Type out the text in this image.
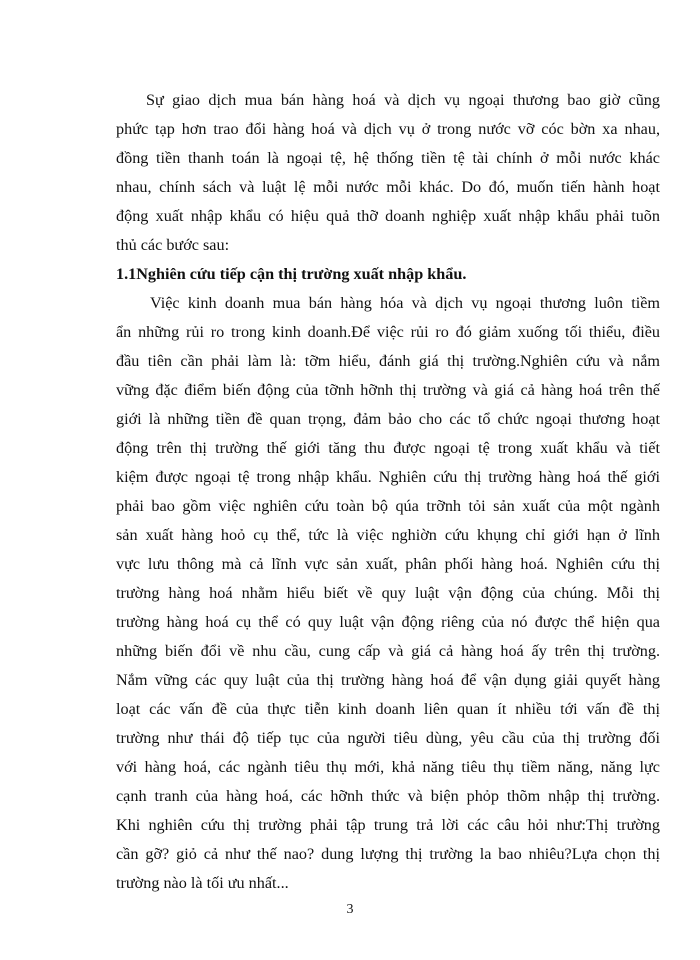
Sự giao dịch mua bán hàng hoá và dịch vụ ngoại thương bao giờ cũng
phức tạp hơn trao đổi hàng hoá và dịch vụ ở trong nước vỡ cóc bờn xa nhau,
đồng tiền thanh toán là ngoại tệ, hệ thống tiền tệ tài chính ở mỗi nước khác
nhau, chính sách và luật lệ mỗi nước mỗi khác. Do đó, muốn tiến hành hoạt
động xuất nhập khẩu có hiệu quả thỡ doanh nghiệp xuất nhập khẩu phải tuõn
thủ các bước sau:
1.1Nghiên cứu tiếp cận thị trường xuất nhập khẩu.
Việc kinh doanh mua bán hàng hóa và dịch vụ ngoại thương luôn tiềm
ẩn những rủi ro trong kinh doanh.Để việc rủi ro đó giảm xuống tối thiểu, điều
đầu tiên cần phải làm là: tỡm hiểu, đánh giá thị trường.Nghiên cứu và nắm
vững đặc điểm biến động của tỡnh hỡnh thị trường và giá cả hàng hoá trên thế
giới là những tiền đề quan trọng, đảm bảo cho các tổ chức ngoại thương hoạt
động trên thị trường thế giới tăng thu được ngoại tệ trong xuất khẩu và tiết
kiệm được ngoại tệ trong nhập khẩu. Nghiên cứu thị trường hàng hoá thế giới
phải bao gồm việc nghiên cứu toàn bộ qúa trỡnh tỏi sản xuất của một ngành
sản xuất hàng hoỏ cụ thể, tức là việc nghiờn cứu khụng chỉ giới hạn ở lĩnh
vực lưu thông mà cả lĩnh vực sản xuất, phân phối hàng hoá. Nghiên cứu thị
trường hàng hoá nhằm hiểu biết về quy luật vận động của chúng. Mỗi thị
trường hàng hoá cụ thể có quy luật vận động riêng của nó được thể hiện qua
những biến đổi về nhu cầu, cung cấp và giá cả hàng hoá ấy trên thị trường.
Nắm vững các quy luật của thị trường hàng hoá để vận dụng giải quyết hàng
loạt các vấn đề của thực tiễn kinh doanh liên quan ít nhiều tới vấn đề thị
trường như thái độ tiếp tục của người tiêu dùng, yêu cầu của thị trường đối
với hàng hoá, các ngành tiêu thụ mới, khả năng tiêu thụ tiềm năng, năng lực
cạnh tranh của hàng hoá, các hỡnh thức và biện phỏp thõm nhập thị trường.
Khi nghiên cứu thị trường phải tập trung trả lời các câu hỏi như:Thị trường
cần gỡ? giỏ cả như thế nao? dung lượng thị trường la bao nhiêu?Lựa chọn thị
trường nào là tối ưu nhất...
3
